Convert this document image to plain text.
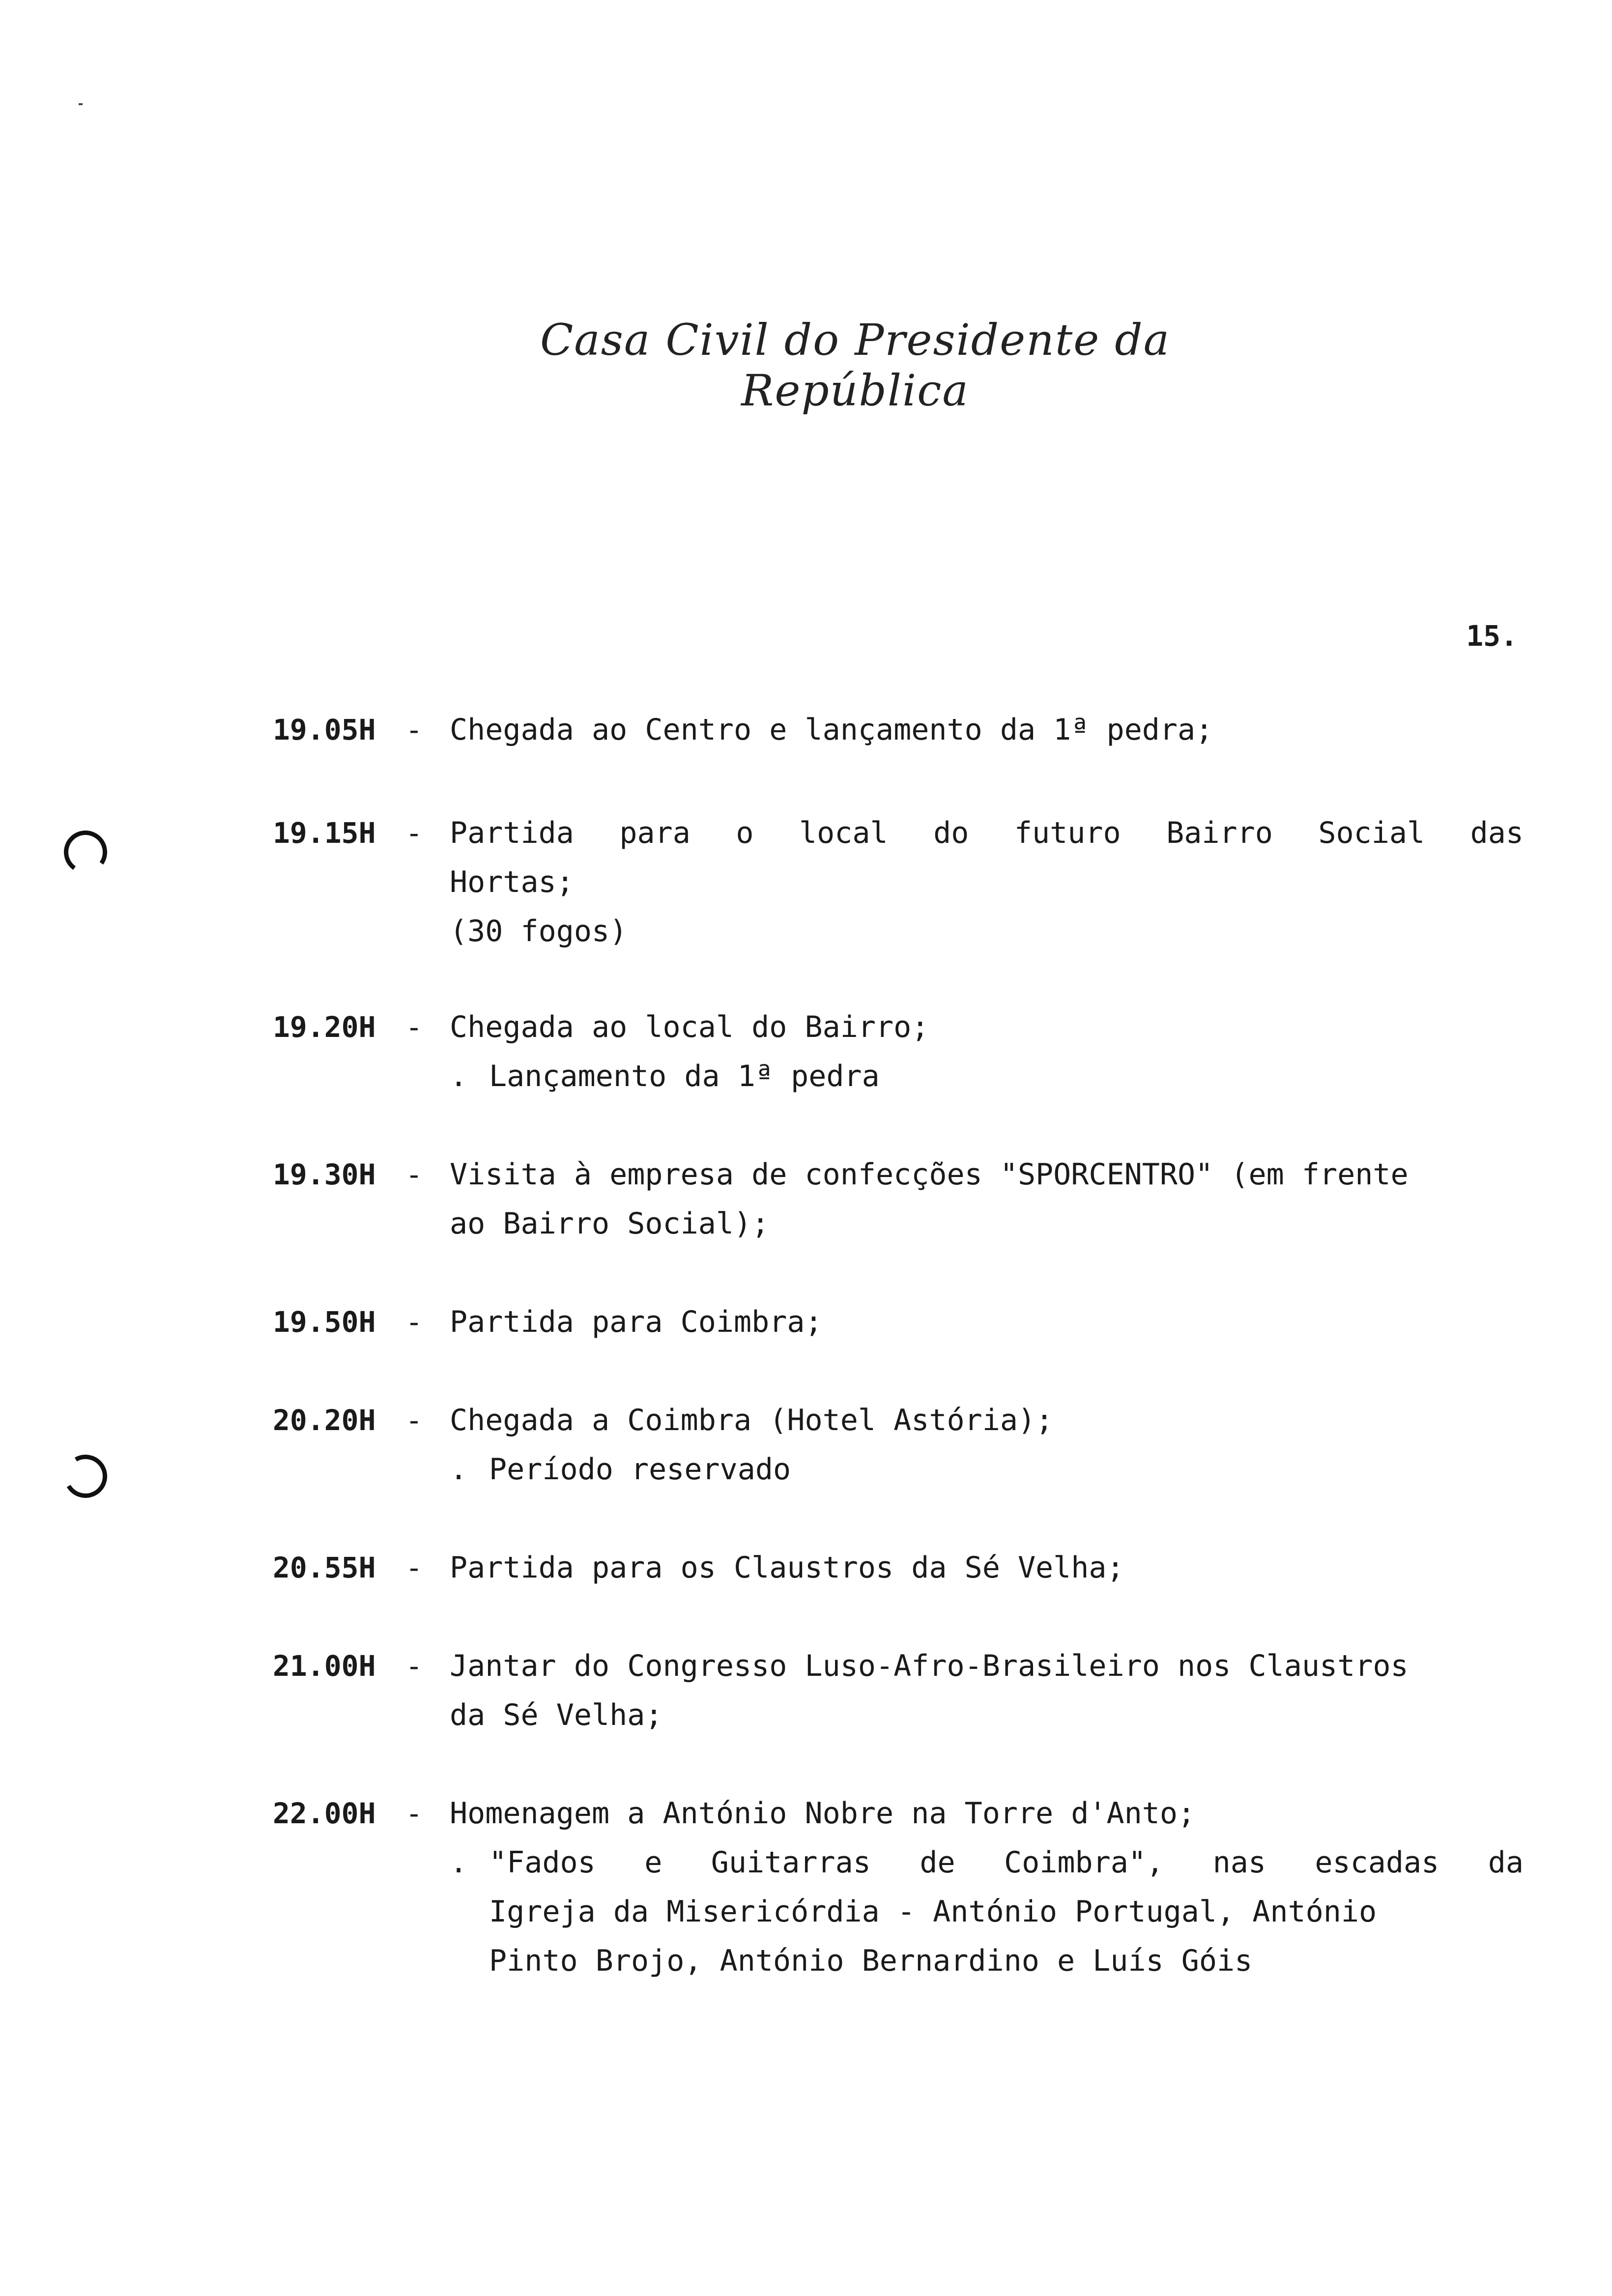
Casa Civil do Presidente da República
15.
19.05H	- Chegada ao Centro e lançamento da 1ª pedra;
19.15H	- Partida para o local do futuro Bairro Social das
Hortas;
(30 fogos)
19.20H	- Chegada ao local do Bairro;
. Lançamento da 1ª pedra
19.30H	- Visita à empresa de confecções "SPORCENTRO" (em frente
ao Bairro Social);
19.50H	- Partida para Coimbra;
20.20H	- Chegada a Coimbra (Hotel Astória);
. Período reservado
20.55H	- Partida para os Claustros da Sé Velha;
21.00H	- Jantar do Congresso Luso-Afro-Brasileiro nos Claustros
da Sé Velha;
22.00H	- Homenagem a António Nobre na Torre d'Anto;
. "Fados e Guitarras de Coimbra", nas escadas da
Igreja da Misericórdia - António Portugal, António
Pinto Brojo, António Bernardino e Luís Góis
